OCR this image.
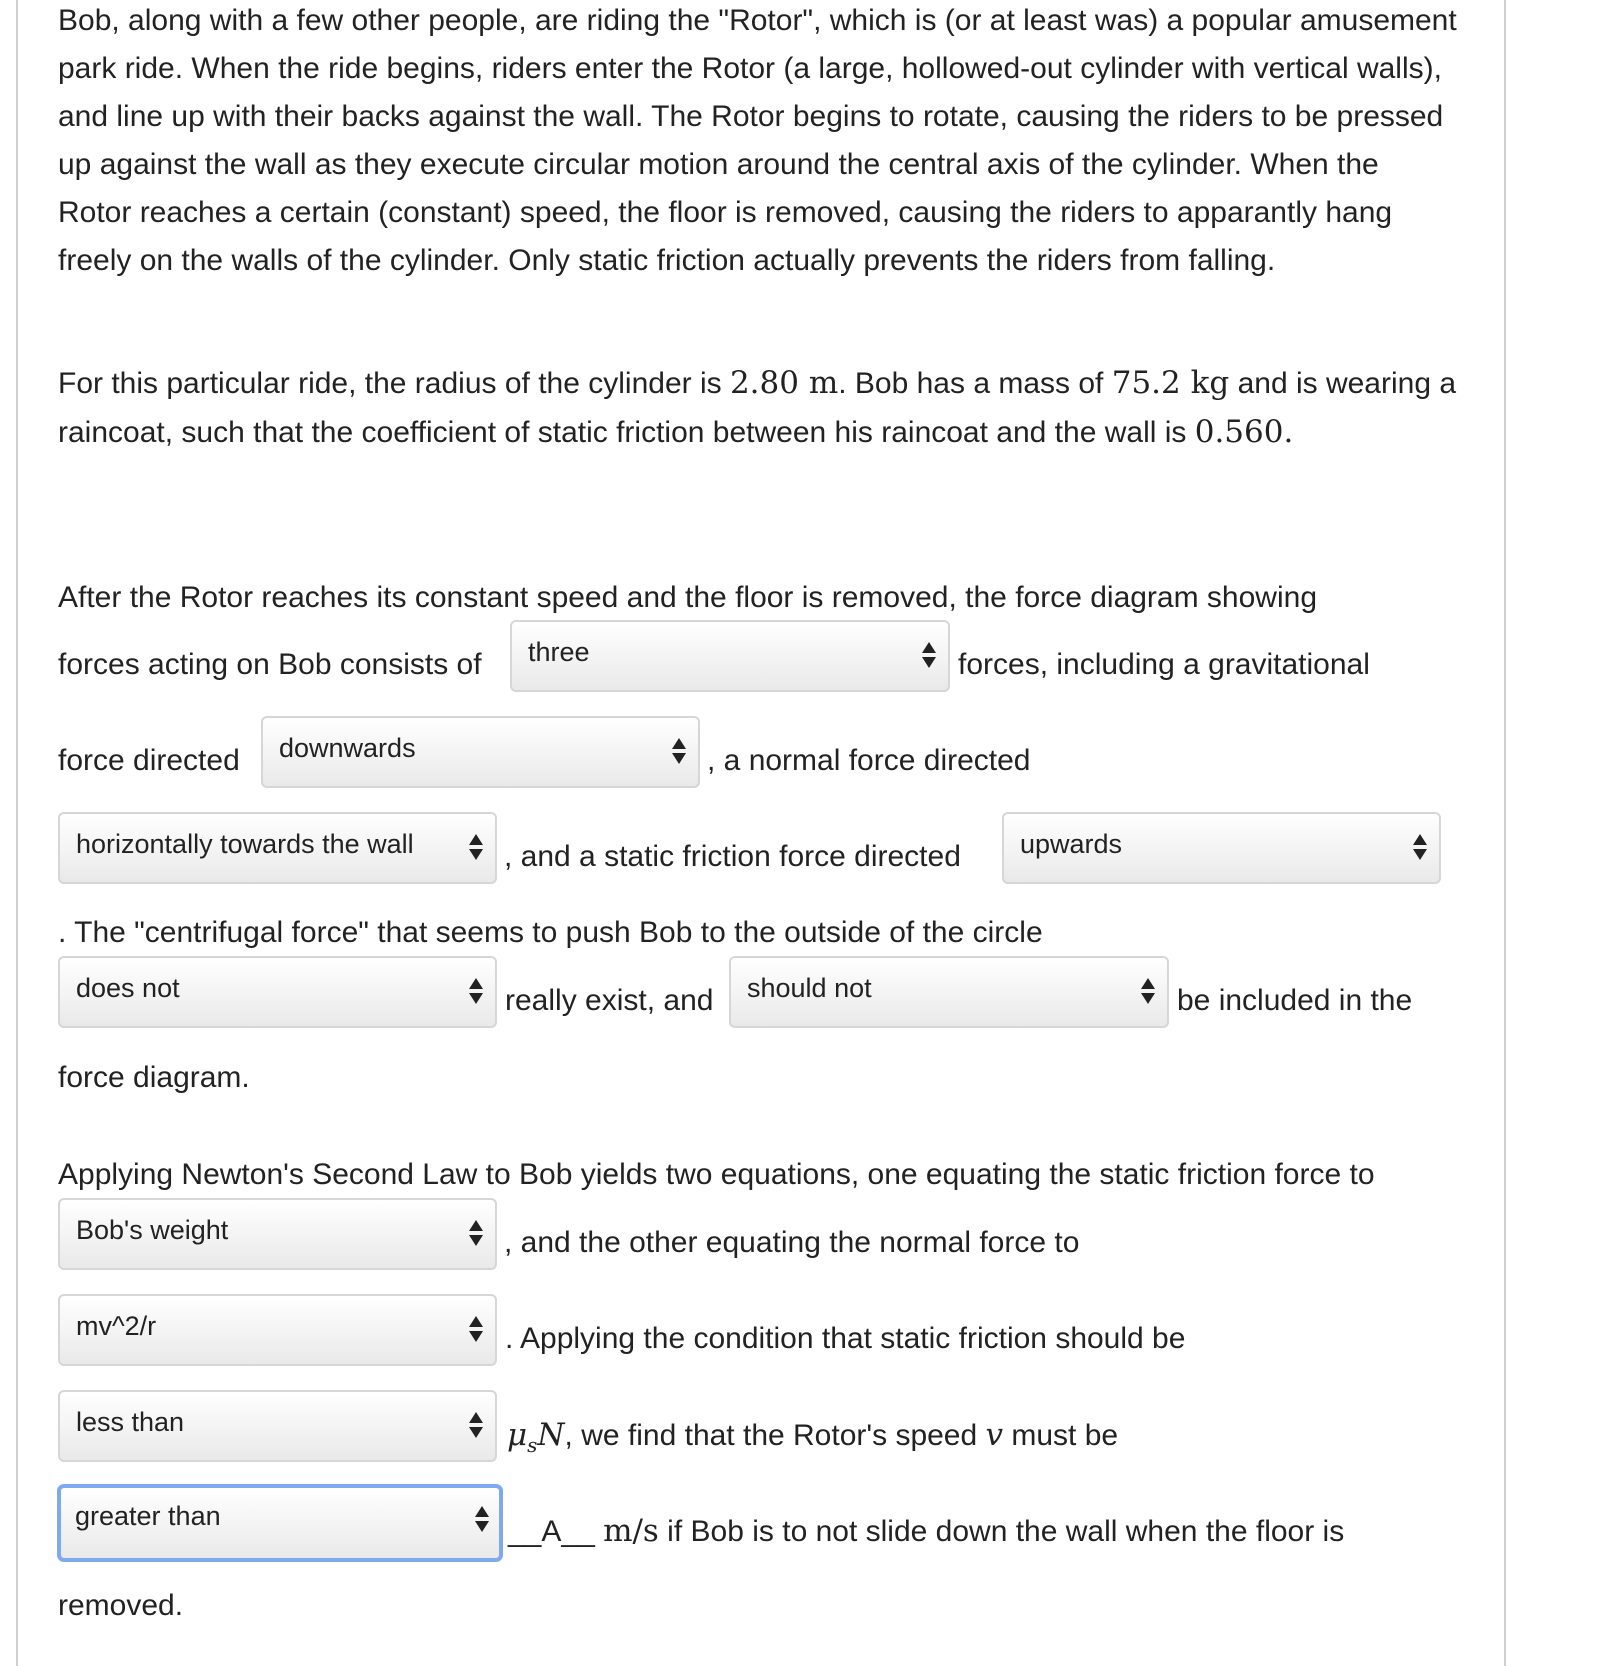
Bob, along with a few other people, are riding the "Rotor", which is (or at least was) a popular amusement park ride. When the ride begins, riders enter the Rotor (a large, hollowed-out cylinder with vertical walls), and line up with their backs against the wall. The Rotor begins to rotate, causing the riders to be pressed up against the wall as they execute circular motion around the central axis of the cylinder. When the Rotor reaches a certain (constant) speed, the floor is removed, causing the riders to apparantly hang freely on the walls of the cylinder. Only static friction actually prevents the riders from falling.

For this particular ride, the radius of the cylinder is 2.80 m. Bob has a mass of 75.2 kg and is wearing a raincoat, such that the coefficient of static friction between his raincoat and the wall is 0.560.

After the Rotor reaches its constant speed and the floor is removed, the force diagram showing
forces acting on Bob consists of three	forces, including a gravitational
force directed downwards	, a normal force directed
horizontally towards the wall	, and a static friction force directed upwards
. The "centrifugal force" that seems to push Bob to the outside of the circle
does not	really exist, and should not	be included in the
force diagram.
Applying Newton's Second Law to Bob yields two equations, one equating the static friction force to
Bob's weight	, and the other equating the normal force to
mv^2/r	. Applying the condition that static friction should be
less than	$\mu_sN$, we find that the Rotor's speed v must be
greater than	__A__ m/s if Bob is to not slide down the wall when the floor is
removed.
